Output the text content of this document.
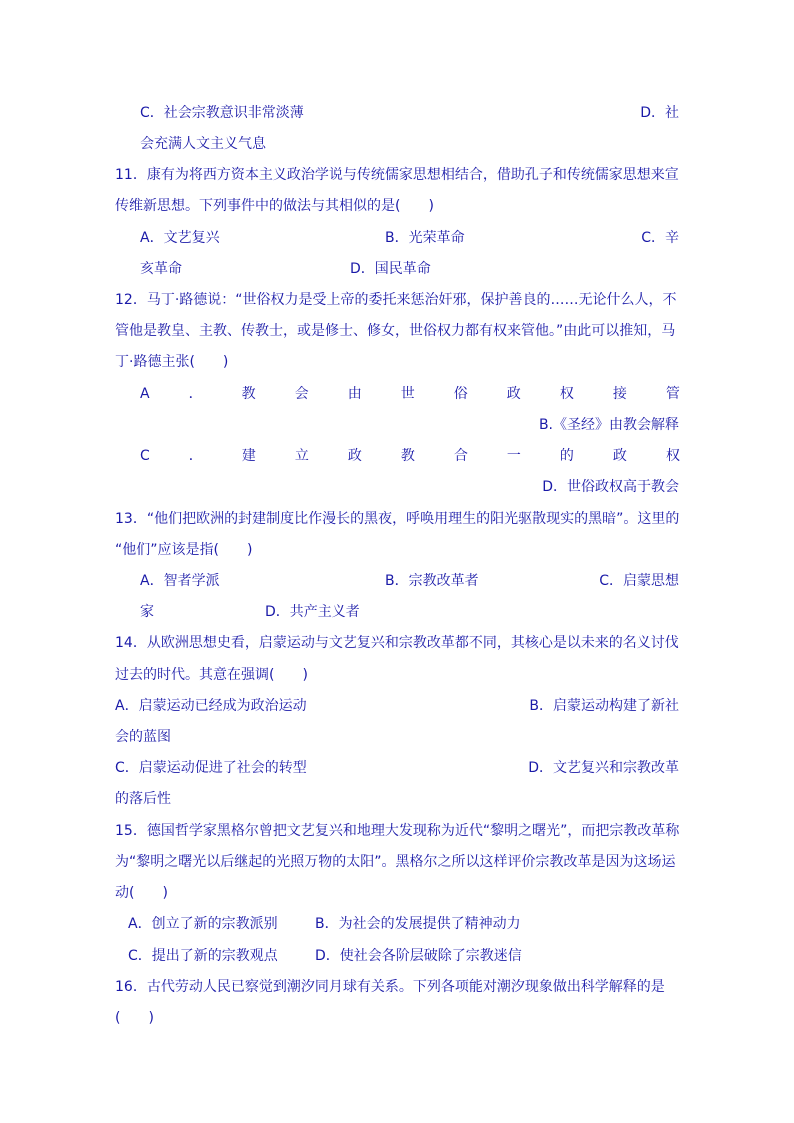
C．社会宗教意识非常淡薄	D．社
会充满人文主义气息
11．康有为将西方资本主义政治学说与传统儒家思想相结合，借助孔子和传统儒家思想来宣
传维新思想。下列事件中的做法与其相似的是(　　)
A．文艺复兴	B．光荣革命	C．辛
亥革命	D．国民革命
12．马丁·路德说：“世俗权力是受上帝的委托来惩治奸邪，保护善良的……无论什么人，不
管他是教皇、主教、传教士，或是修士、修女，世俗权力都有权来管他。”由此可以推知，马
丁·路德主张(　　)
A	．	教	会	由	世	俗	政	权	接	管
B.《圣经》由教会解释
C	．	建	立	政	教	合	一	的	政	权
D．世俗政权高于教会
13．“他们把欧洲的封建制度比作漫长的黑夜，呼唤用理生的阳光驱散现实的黑暗”。这里的
“他们”应该是指(　　)
A．智者学派	B．宗教改革者	C．启蒙思想
家	D．共产主义者
14．从欧洲思想史看，启蒙运动与文艺复兴和宗教改革都不同，其核心是以未来的名义讨伐
过去的时代。其意在强调(　　)
A．启蒙运动已经成为政治运动	B．启蒙运动构建了新社
会的蓝图
C．启蒙运动促进了社会的转型	D．文艺复兴和宗教改革
的落后性
15．德国哲学家黑格尔曾把文艺复兴和地理大发现称为近代“黎明之曙光”，而把宗教改革称
为“黎明之曙光以后继起的光照万物的太阳”。黑格尔之所以这样评价宗教改革是因为这场运
动(　　)
A．创立了新的宗教派别	B．为社会的发展提供了精神动力
C．提出了新的宗教观点	D．使社会各阶层破除了宗教迷信
16．古代劳动人民已察觉到潮汐同月球有关系。下列各项能对潮汐现象做出科学解释的是
(　　)
